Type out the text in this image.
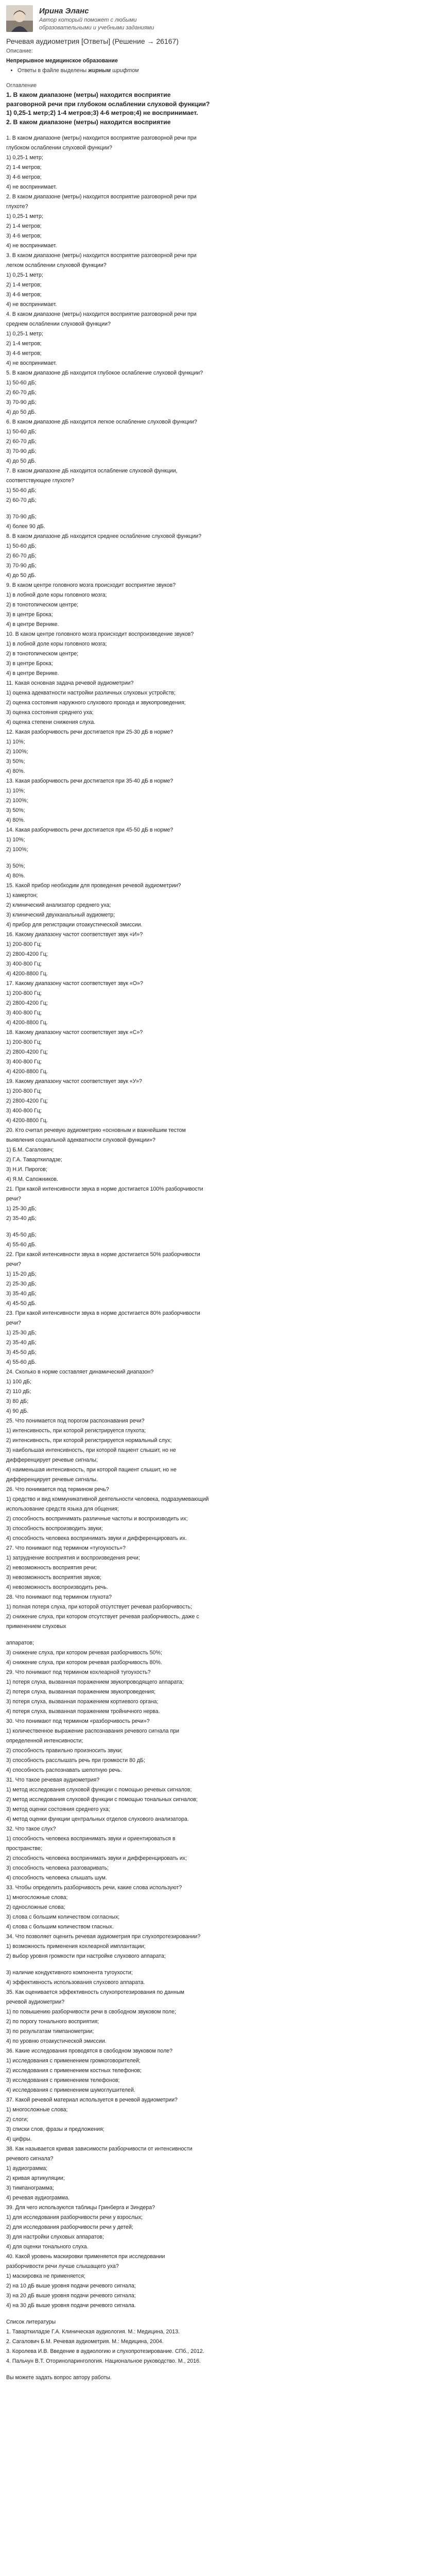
Ирина Эланс
Автор который поможет с любыми образовательными и учебными заданиями
Речевая аудиометрия [Ответы] (Решение → 26167)
Описание:
Непрерывное медицинское образование
• Ответы в файле выделены жирным шрифтом
Оглавление
1. В каком диапазоне (метры) находится восприятие
разговорной речи при глубоком ослаблении слуховой функции?
1) 0,25-1 метр;2) 1-4 метров;3) 4-6 метров;4) не воспринимает.
2. В каком диапазоне (метры) находится восприятие
1. В каком диапазоне (метры) находится восприятие разговорной речи при
глубоком ослаблении слуховой функции?
1) 0,25-1 метр;
2) 1-4 метров;
3) 4-6 метров;
4) не воспринимает.
2. В каком диапазоне (метры) находится восприятие разговорной речи при
глухоте?
1) 0,25-1 метр;
2) 1-4 метров;
3) 4-6 метров;
4) не воспринимает.
3. В каком диапазоне (метры) находится восприятие разговорной речи при
легком ослаблении слуховой функции?
1) 0,25-1 метр;
2) 1-4 метров;
3) 4-6 метров;
4) не воспринимает.
4. В каком диапазоне (метры) находится восприятие разговорной речи при
среднем ослаблении слуховой функции?
1) 0,25-1 метр;
2) 1-4 метров;
3) 4-6 метров;
4) не воспринимает.
5. В каком диапазоне дБ находится глубокое ослабление слуховой функции?
1) 50-60 дБ;
2) 60-70 дБ;
3) 70-90 дБ;
4) до 50 дБ.
6. В каком диапазоне дБ находится легкое ослабление слуховой функции?
1) 50-60 дБ;
2) 60-70 дБ;
3) 70-90 дБ;
4) до 50 дБ.
7. В каком диапазоне дБ находится ослабление слуховой функции,
соответствующее глухоте?
1) 50-60 дБ;
2) 60-70 дБ;
3) 70-90 дБ;
4) более 90 дБ.
8. В каком диапазоне дБ находится среднее ослабление слуховой функции?
1) 50-60 дБ;
2) 60-70 дБ;
3) 70-90 дБ;
4) до 50 дБ.
9. В каком центре головного мозга происходит восприятие звуков?
1) в лобной доле коры головного мозга;
2) в тонотопическом центре;
3) в центре Брока;
4) в центре Вернике.
10. В каком центре головного мозга происходит воспроизведение звуков?
1) в лобной доле коры головного мозга;
2) в тонотопическом центре;
3) в центре Брока;
4) в центре Вернике.
11. Какая основная задача речевой аудиометрии?
1) оценка адекватности настройки различных слуховых устройств;
2) оценка состояния наружного слухового прохода и звукопроведения;
3) оценка состояния среднего уха;
4) оценка степени снижения слуха.
12. Какая разборчивость речи достигается при 25-30 дБ в норме?
1) 10%;
2) 100%;
3) 50%;
4) 80%.
13. Какая разборчивость речи достигается при 35-40 дБ в норме?
1) 10%;
2) 100%;
3) 50%;
4) 80%.
14. Какая разборчивость речи достигается при 45-50 дБ в норме?
1) 10%;
2) 100%;
3) 50%;
4) 80%.
15. Какой прибор необходим для проведения речевой аудиометрии?
1) камертон;
2) клинический анализатор среднего уха;
3) клинический двухканальный аудиометр;
4) прибор для регистрации отоакустической эмиссии.
16. Какому диапазону частот соответствует звук «И»?
1) 200-800 Гц;
2) 2800-4200 Гц;
3) 400-800 Гц;
4) 4200-8800 Гц.
17. Какому диапазону частот соответствует звук «О»?
1) 200-800 Гц;
2) 2800-4200 Гц;
3) 400-800 Гц;
4) 4200-8800 Гц.
18. Какому диапазону частот соответствует звук «С»?
1) 200-800 Гц;
2) 2800-4200 Гц;
3) 400-800 Гц;
4) 4200-8800 Гц.
19. Какому диапазону частот соответствует звук «У»?
1) 200-800 Гц;
2) 2800-4200 Гц;
3) 400-800 Гц;
4) 4200-8800 Гц.
20. Кто считал речевую аудиометрию «основным и важнейшим тестом
выявления социальной адекватности слуховой функции»?
1) Б.М. Сагалович;
2) Г.А. Таварткиладзе;
3) Н.И. Пирогов;
4) Я.М. Сапожников.
21. При какой интенсивности звука в норме достигается 100% разборчивости
речи?
1) 25-30 дБ;
2) 35-40 дБ;
3) 45-50 дБ;
4) 55-60 дБ.
22. При какой интенсивности звука в норме достигается 50% разборчивости
речи?
1) 15-20 дБ;
2) 25-30 дБ;
3) 35-40 дБ;
4) 45-50 дБ.
23. При какой интенсивности звука в норме достигается 80% разборчивости
речи?
1) 25-30 дБ;
2) 35-40 дБ;
3) 45-50 дБ;
4) 55-60 дБ.
24. Сколько в норме составляет динамический диапазон?
1) 100 дБ;
2) 110 дБ;
3) 80 дБ;
4) 90 дБ.
25. Что понимается под порогом распознавания речи?
1) интенсивность, при которой регистрируется глухота;
2) интенсивность, при которой регистрируется нормальный слух;
3) наибольшая интенсивность, при которой пациент слышит, но не
дифференцирует речевые сигналы;
4) наименьшая интенсивность, при которой пациент слышит, но не
дифференцирует речевые сигналы.
26. Что понимается под термином речь?
1) средство и вид коммуникативной деятельности человека, подразумевающий
использование средств языка для общения;
2) способность воспринимать различные частоты и воспроизводить их;
3) способность воспроизводить звуки;
4) способность человека воспринимать звуки и дифференцировать их.
27. Что понимают под термином «тугоухость»?
1) затруднение восприятия и воспроизведения речи;
2) невозможность восприятия речи;
3) невозможность восприятия звуков;
4) невозможность воспроизводить речь.
28. Что понимают под термином глухота?
1) полная потеря слуха, при которой отсутствует речевая разборчивость;
2) снижение слуха, при котором отсутствует речевая разборчивость, даже с
применением слуховых
аппаратов;
3) снижение слуха, при котором речевая разборчивость 50%;
4) снижение слуха, при котором речевая разборчивость 80%.
29. Что понимают под термином кохлеарной тугоухость?
1) потеря слуха, вызванная поражением звукопроводящего аппарата;
2) потеря слуха, вызванная поражением звукопроведения;
3) потеря слуха, вызванная поражением кортиевого органа;
4) потеря слуха, вызванная поражением тройничного нерва.
30. Что понимают под термином «разборчивость речи»?
1) количественное выражение распознавания речевого сигнала при
определенной интенсивности;
2) способность правильно произносить звуки;
3) способность расслышать речь при громкости 80 дБ;
4) способность распознавать шепотную речь.
31. Что такое речевая аудиометрия?
1) метод исследования слуховой функции с помощью речевых сигналов;
2) метод исследования слуховой функции с помощью тональных сигналов;
3) метод оценки состояния среднего уха;
4) метод оценки функции центральных отделов слухового анализатора.
32. Что такое слух?
1) способность человека воспринимать звуки и ориентироваться в
пространстве;
2) способность человека воспринимать звуки и дифференцировать их;
3) способность человека разговаривать;
4) способность человека слышать шум.
33. Чтобы определить разборчивость речи, какие слова используют?
1) многосложные слова;
2) односложные слова;
3) слова с большим количеством согласных;
4) слова с большим количеством гласных.
34. Что позволяет оценить речевая аудиометрия при слухопротезировании?
1) возможность применения кохлеарной имплантации;
2) выбор уровня громкости при настройке слухового аппарата;
3) наличие кондуктивного компонента тугоухости;
4) эффективность использования слухового аппарата.
35. Как оценивается эффективность слухопротезирования по данным
речевой аудиометрии?
1) по повышению разборчивости речи в свободном звуковом поле;
2) по порогу тонального восприятия;
3) по результатам тимпанометрии;
4) по уровню отоакустической эмиссии.
36. Какие исследования проводятся в свободном звуковом поле?
1) исследования с применением громкоговорителей;
2) исследования с применением костных телефонов;
3) исследования с применением телефонов;
4) исследования с применением шумоглушителей.
37. Какой речевой материал используется в речевой аудиометрии?
1) многосложные слова;
2) слоги;
3) списки слов, фразы и предложения;
4) цифры.
38. Как называется кривая зависимости разборчивости от интенсивности
речевого сигнала?
1) аудиограмма;
2) кривая артикуляции;
3) тимпанограмма;
4) речевая аудиограмма.
39. Для чего используются таблицы Гринберга и Зиндера?
1) для исследования разборчивости речи у взрослых;
2) для исследования разборчивости речи у детей;
3) для настройки слуховых аппаратов;
4) для оценки тонального слуха.
40. Какой уровень маскировки применяется при исследовании
разборчивости речи лучше слышащего уха?
1) маскировка не применяется;
2) на 10 дБ выше уровня подачи речевого сигнала;
3) на 20 дБ выше уровня подачи речевого сигнала;
4) на 30 дБ выше уровня подачи речевого сигнала.
Список литературы
1. Таварткиладзе Г.А. Клиническая аудиология. М.: Медицина, 2013.
2. Сагалович Б.М. Речевая аудиометрия. М.: Медицина, 2004.
3. Королева И.В. Введение в аудиологию и слухопротезирование. СПб., 2012.
4. Пальчун В.Т. Оториноларингология. Национальное руководство. М., 2016.
Вы можете задать вопрос автору работы.
